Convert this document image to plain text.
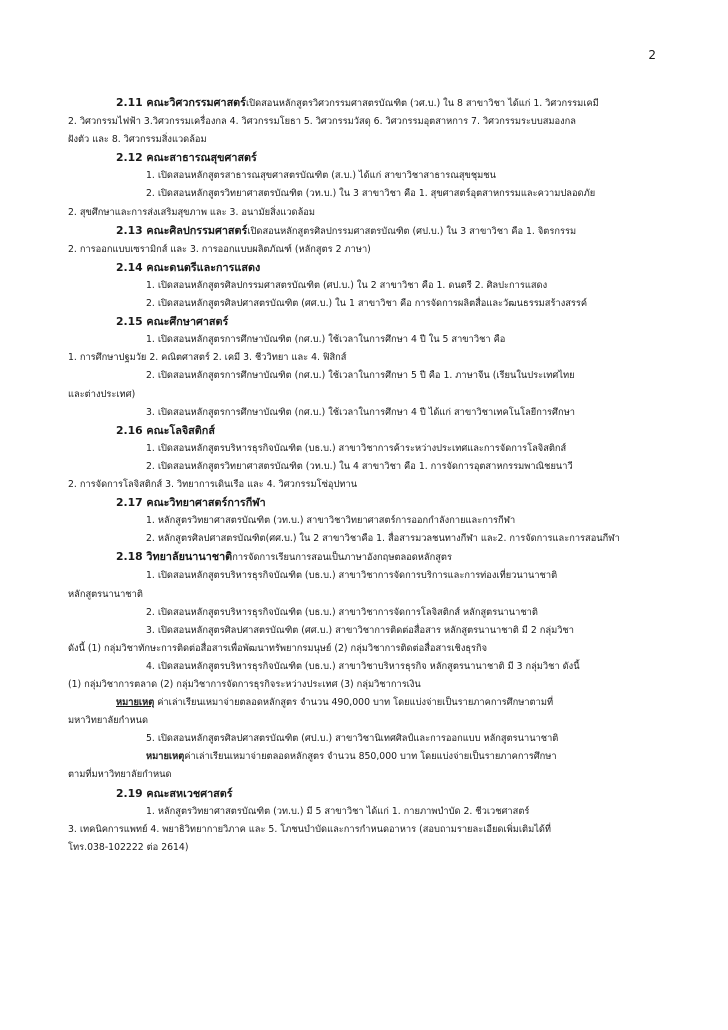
2
2.11 คณะวิศวกรรมศาสตร์เปิดสอนหลักสูตรวิศวกรรมศาสตรบัณฑิต (วศ.บ.) ใน 8 สาขาวิชา ได้แก่ 1. วิศวกรรมเคมี
2. วิศวกรรมไฟฟ้า 3.วิศวกรรมเครื่องกล 4. วิศวกรรมโยธา 5. วิศวกรรมวัสดุ 6. วิศวกรรมอุตสาหการ 7. วิศวกรรมระบบสมองกล
ฝังตัว และ 8. วิศวกรรมสิ่งแวดล้อม
2.12 คณะสาธารณสุขศาสตร์
1. เปิดสอนหลักสูตรสาธารณสุขศาสตรบัณฑิต (ส.บ.) ได้แก่ สาขาวิชาสาธารณสุขชุมชน
2. เปิดสอนหลักสูตรวิทยาศาสตรบัณฑิต (วท.บ.) ใน 3 สาขาวิชา คือ 1. สุขศาสตร์อุตสาหกรรมและความปลอดภัย
2. สุขศึกษาและการส่งเสริมสุขภาพ และ 3. อนามัยสิ่งแวดล้อม
2.13 คณะศิลปกรรมศาสตร์เปิดสอนหลักสูตรศิลปกรรมศาสตรบัณฑิต (ศป.บ.) ใน 3 สาขาวิชา คือ 1. จิตรกรรม
2. การออกแบบเซรามิกส์ และ 3. การออกแบบผลิตภัณฑ์ (หลักสูตร 2 ภาษา)
2.14 คณะดนตรีและการแสดง
1. เปิดสอนหลักสูตรศิลปกรรมศาสตรบัณฑิต (ศป.บ.) ใน 2 สาขาวิชา คือ 1. ดนตรี 2. ศิลปะการแสดง
2. เปิดสอนหลักสูตรศิลปศาสตรบัณฑิต (ศศ.บ.) ใน 1 สาขาวิชา คือ การจัดการผลิตสื่อและวัฒนธรรมสร้างสรรค์
2.15 คณะศึกษาศาสตร์
1. เปิดสอนหลักสูตรการศึกษาบัณฑิต (กศ.บ.) ใช้เวลาในการศึกษา 4 ปี ใน 5 สาขาวิชา คือ
1. การศึกษาปฐมวัย 2. คณิตศาสตร์ 2. เคมี 3. ชีววิทยา และ 4. ฟิสิกส์
2. เปิดสอนหลักสูตรการศึกษาบัณฑิต (กศ.บ.) ใช้เวลาในการศึกษา 5 ปี คือ 1. ภาษาจีน (เรียนในประเทศไทย
และต่างประเทศ)
3. เปิดสอนหลักสูตรการศึกษาบัณฑิต (กศ.บ.) ใช้เวลาในการศึกษา 4 ปี ได้แก่ สาขาวิชาเทคโนโลยีการศึกษา
2.16 คณะโลจิสติกส์
1. เปิดสอนหลักสูตรบริหารธุรกิจบัณฑิต (บธ.บ.) สาขาวิชาการค้าระหว่างประเทศและการจัดการโลจิสติกส์
2. เปิดสอนหลักสูตรวิทยาศาสตรบัณฑิต (วท.บ.) ใน 4 สาขาวิชา คือ 1. การจัดการอุตสาหกรรมพาณิชยนาวี
2. การจัดการโลจิสติกส์ 3. วิทยาการเดินเรือ และ 4. วิศวกรรมโซ่อุปทาน
2.17 คณะวิทยาศาสตร์การกีฬา
1. หลักสูตรวิทยาศาสตรบัณฑิต (วท.บ.) สาขาวิชาวิทยาศาสตร์การออกกำลังกายและการกีฬา
2. หลักสูตรศิลปศาสตรบัณฑิต(ศศ.บ.) ใน 2 สาขาวิชาคือ 1. สื่อสารมวลชนทางกีฬา และ2. การจัดการและการสอนกีฬา
2.18 วิทยาลัยนานาชาติการจัดการเรียนการสอนเป็นภาษาอังกฤษตลอดหลักสูตร
1. เปิดสอนหลักสูตรบริหารธุรกิจบัณฑิต (บธ.บ.) สาขาวิชาการจัดการบริการและการท่องเที่ยวนานาชาติ
หลักสูตรนานาชาติ
2. เปิดสอนหลักสูตรบริหารธุรกิจบัณฑิต (บธ.บ.) สาขาวิชาการจัดการโลจิสติกส์ หลักสูตรนานาชาติ
3. เปิดสอนหลักสูตรศิลปศาสตรบัณฑิต (ศศ.บ.) สาขาวิชาการติดต่อสื่อสาร หลักสูตรนานาชาติ มี 2 กลุ่มวิชา
ดังนี้ (1) กลุ่มวิชาทักษะการติดต่อสื่อสารเพื่อพัฒนาทรัพยากรมนุษย์ (2) กลุ่มวิชาการติดต่อสื่อสารเชิงธุรกิจ
4. เปิดสอนหลักสูตรบริหารธุรกิจบัณฑิต (บธ.บ.) สาขาวิชาบริหารธุรกิจ หลักสูตรนานาชาติ มี 3 กลุ่มวิชา ดังนี้
(1) กลุ่มวิชาการตลาด (2) กลุ่มวิชาการจัดการธุรกิจระหว่างประเทศ (3) กลุ่มวิชาการเงิน
หมายเหตุ ค่าเล่าเรียนเหมาจ่ายตลอดหลักสูตร จำนวน 490,000 บาท โดยแบ่งจ่ายเป็นรายภาคการศึกษาตามที่
มหาวิทยาลัยกำหนด
5. เปิดสอนหลักสูตรศิลปศาสตรบัณฑิต (ศป.บ.) สาขาวิชานิเทศศิลป์และการออกแบบ หลักสูตรนานาชาติ
หมายเหตุค่าเล่าเรียนเหมาจ่ายตลอดหลักสูตร จำนวน 850,000 บาท โดยแบ่งจ่ายเป็นรายภาคการศึกษา
ตามที่มหาวิทยาลัยกำหนด
2.19 คณะสหเวชศาสตร์
1. หลักสูตรวิทยาศาสตรบัณฑิต (วท.บ.) มี 5 สาขาวิชา ได้แก่ 1. กายภาพบำบัด 2. ชีวเวชศาสตร์
3. เทคนิคการแพทย์ 4. พยาธิวิทยากายวิภาค และ 5. โภชนบำบัดและการกำหนดอาหาร (สอบถามรายละเอียดเพิ่มเติมได้ที่
โทร.038-102222 ต่อ 2614)
